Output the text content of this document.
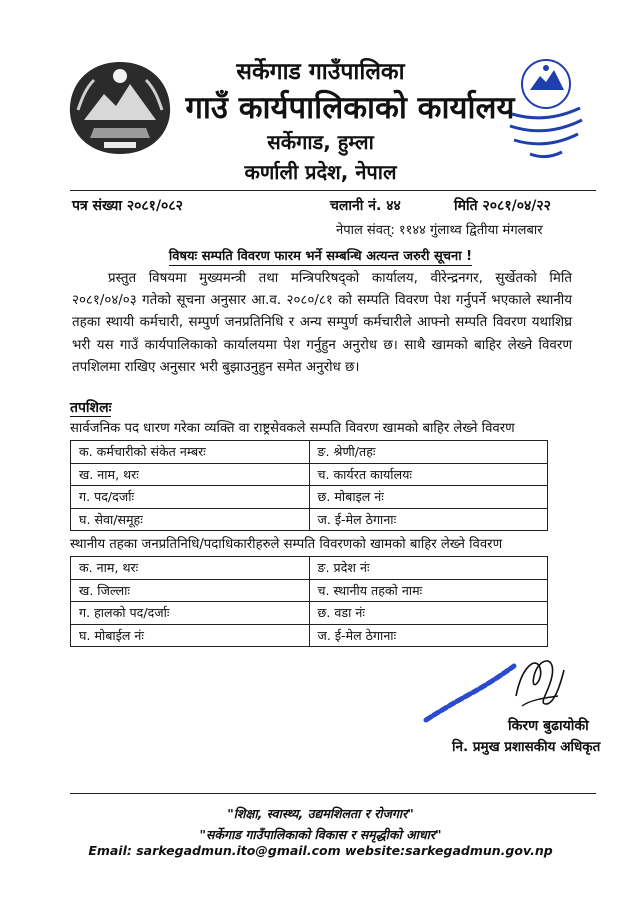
सर्केगाड गाउँपालिका
गाउँ कार्यपालिकाको कार्यालय
सर्केगाड, हुम्ला
कर्णाली प्रदेश, नेपाल
पत्र संख्या २०८१/०८२	चलानी नं. ४४	मिति २०८१/०४/२२
नेपाल संवत्: ११४४ गुंलाथ्व द्वितीया मंगलबार
विषयः सम्पति विवरण फारम भर्ने सम्बन्धि अत्यन्त जरुरी सूचना !

प्रस्तुत विषयमा मुख्यमन्त्री तथा मन्त्रिपरिषद्को कार्यालय, वीरेन्द्रनगर, सुर्खेतको मिति २०८१/०४/०३ गतेको सूचना अनुसार आ.व. २०८०/८१ को सम्पति विवरण पेश गर्नुपर्ने भएकाले स्थानीय तहका स्थायी कर्मचारी, सम्पुर्ण जनप्रतिनिधि र अन्य सम्पुर्ण कर्मचारीले आफ्नो सम्पति विवरण यथाशिघ्र भरी यस गाउँ कार्यपालिकाको कार्यालयमा पेश गर्नुहुन अनुरोध छ। साथै खामको बाहिर लेख्ने विवरण तपशिलमा राखिए अनुसार भरी बुझाउनुहुन समेत अनुरोध छ।

तपशिलः
सार्वजनिक पद धारण गरेका व्यक्ति वा राष्ट्रसेवकले सम्पति विवरण खामको बाहिर लेख्ने विवरण
क. कर्मचारीको संकेत नम्बरः	ङ. श्रेणी/तहः
ख. नाम, थरः	च. कार्यरत कार्यालयः
ग. पद/दर्जाः	छ. मोबाइल नंः
घ. सेवा/समूहः	ज. ई-मेल ठेगानाः
स्थानीय तहका जनप्रतिनिधि/पदाधिकारीहरुले सम्पति विवरणको खामको बाहिर लेख्ने विवरण
क. नाम, थरः	ङ. प्रदेश नंः
ख. जिल्लाः	च. स्थानीय तहको नामः
ग. हालको पद/दर्जाः	छ. वडा नंः
घ. मोबाईल नंः	ज. ई-मेल ठेगानाः
किरण बुढायोकी
नि. प्रमुख प्रशासकीय अधिकृत
"शिक्षा, स्वास्थ्य, उद्यमशिलता र रोजगार"
"सर्केगाड गाउँपालिकाको विकास र समृद्धीको आधार"
Email: sarkegadmun.ito@gmail.com website:sarkegadmun.gov.np
